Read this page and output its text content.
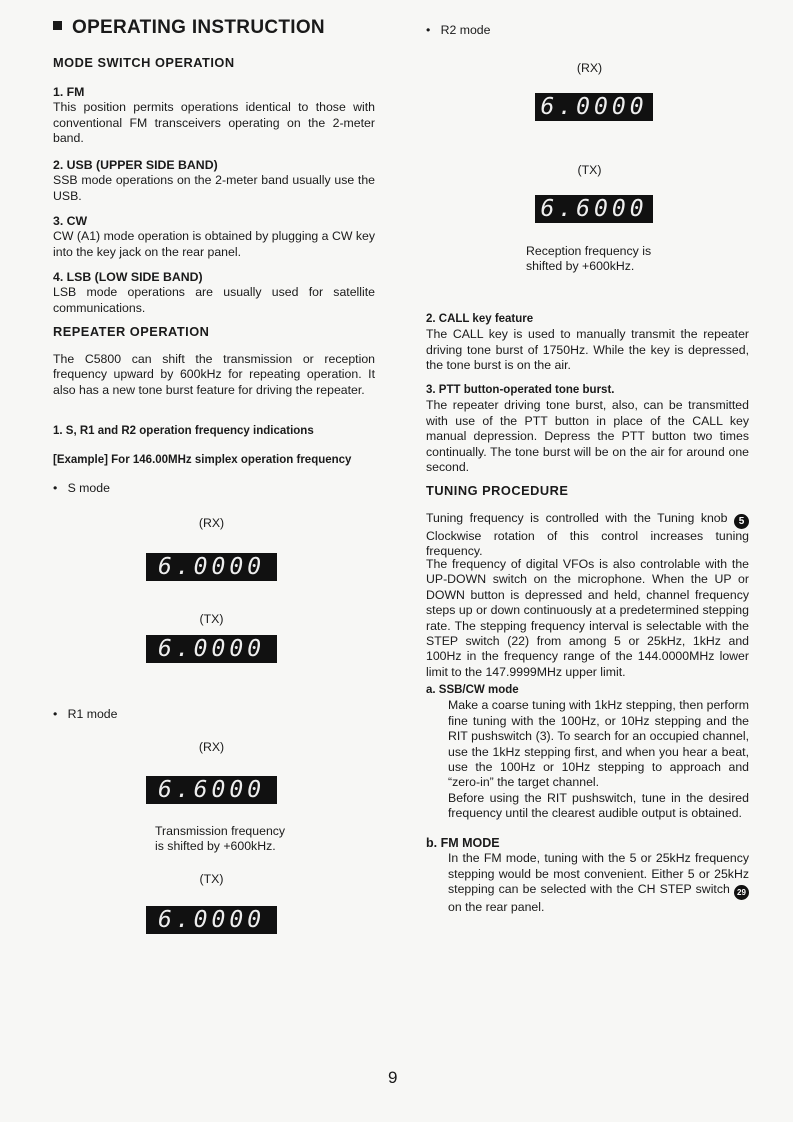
OPERATING INSTRUCTION
MODE SWITCH OPERATION
1. FM
This position permits operations identical to those with conventional FM transceivers operating on the 2-meter band.
2. USB (UPPER SIDE BAND)
SSB mode operations on the 2-meter band usually use the USB.
3. CW
CW (A1) mode operation is obtained by plugging a CW key into the key jack on the rear panel.
4. LSB (LOW SIDE BAND)
LSB mode operations are usually used for satellite communications.
REPEATER OPERATION
The C5800 can shift the transmission or reception frequency upward by 600kHz for repeating operation. It also has a new tone burst feature for driving the repeater.
1. S, R1 and R2 operation frequency indications
[Example] For 146.00MHz simplex operation frequency
•   S mode
(RX)
6.0000
(TX)
6.0000
•   R1 mode
(RX)
6.6000
Transmission frequency is shifted by +600kHz.
(TX)
6.0000
•   R2 mode
(RX)
6.0000
(TX)
6.6000
Reception frequency is shifted by +600kHz.
2. CALL key feature
The CALL key is used to manually transmit the repeater driving tone burst of 1750Hz. While the key is depressed, the tone burst is on the air.
3. PTT button-operated tone burst.
The repeater driving tone burst, also, can be transmitted with use of the PTT button in place of the CALL key manual depression. Depress the PTT button two times continually. The tone burst will be on the air for around one second.
TUNING PROCEDURE
Tuning frequency is controlled with the Tuning knob 5 Clockwise rotation of this control increases tuning frequency.
The frequency of digital VFOs is also controlable with the UP-DOWN switch on the microphone. When the UP or DOWN button is depressed and held, channel frequency steps up or down continuously at a predetermined stepping rate. The stepping frequency interval is selectable with the STEP switch (22) from among 5 or 25kHz, 1kHz and 100Hz in the frequency range of the 144.0000MHz lower limit to the 147.9999MHz upper limit.
a. SSB/CW mode
Make a coarse tuning with 1kHz stepping, then perform fine tuning with the 100Hz, or 10Hz stepping and the RIT pushswitch (3). To search for an occupied channel, use the 1kHz stepping first, and when you hear a beat, use the 100Hz or 10Hz stepping to approach and “zero-in” the target channel.
Before using the RIT pushswitch, tune in the desired frequency until the clearest audible output is obtained.
b. FM MODE
In the FM mode, tuning with the 5 or 25kHz frequency stepping would be most convenient. Either 5 or 25kHz stepping can be selected with the CH STEP switch 29 on the rear panel.
9
